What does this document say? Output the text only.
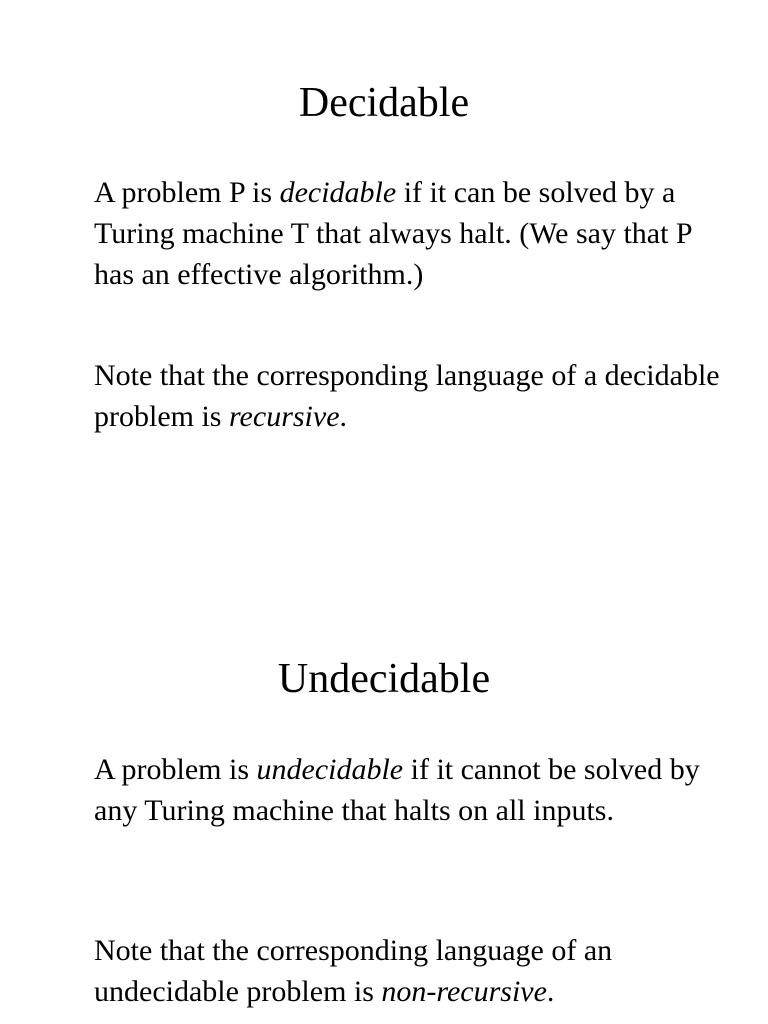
Decidable

A problem P is decidable if it can be solved by a Turing machine T that always halt. (We say that P has an effective algorithm.)

Note that the corresponding language of a decidable problem is recursive.

Undecidable

A problem is undecidable if it cannot be solved by any Turing machine that halts on all inputs.

Note that the corresponding language of an undecidable problem is non-recursive.
